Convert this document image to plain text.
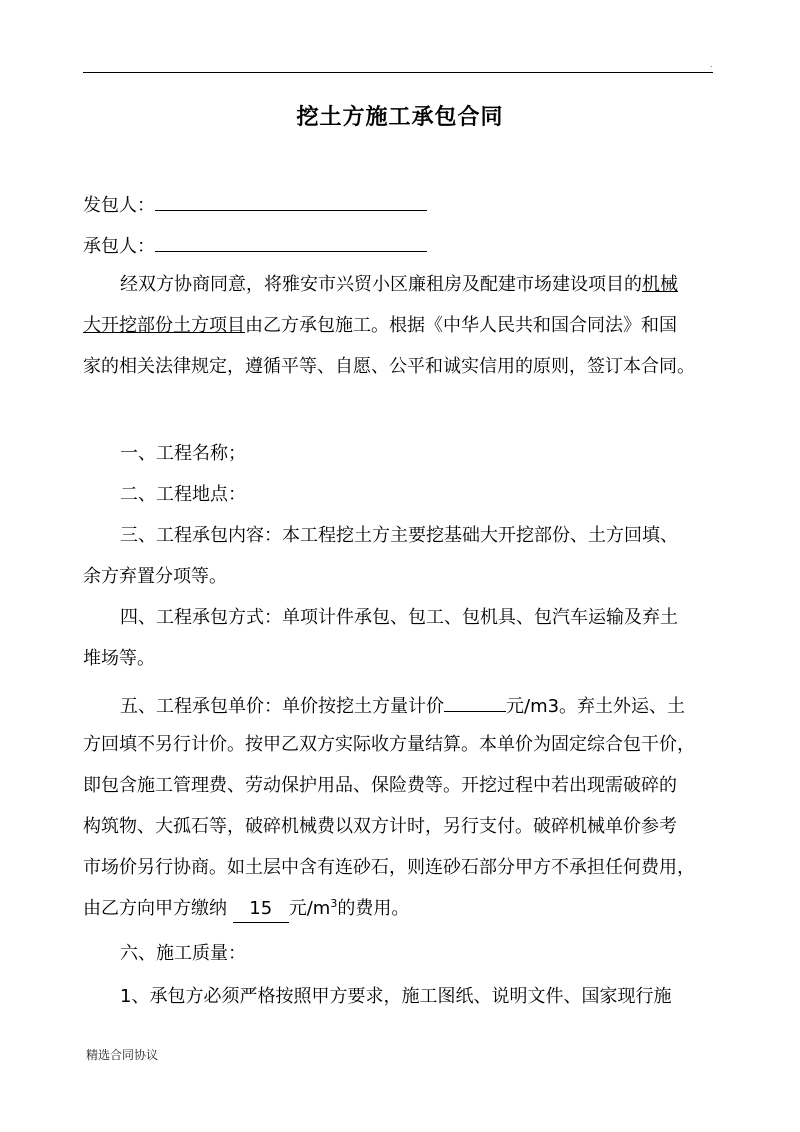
.
挖土方施工承包合同
发包人：
承包人：
经双方协商同意，将雅安市兴贸小区廉租房及配建市场建设项目的机械
大开挖部份土方项目由乙方承包施工。根据《中华人民共和国合同法》和国
家的相关法律规定，遵循平等、自愿、公平和诚实信用的原则，签订本合同。
一、工程名称；
二、工程地点：
三、工程承包内容：本工程挖土方主要挖基础大开挖部份、土方回填、
余方弃置分项等。
四、工程承包方式：单项计件承包、包工、包机具、包汽车运输及弃土
堆场等。
五、工程承包单价：单价按挖土方量计价	元/m3。弃土外运、土
方回填不另行计价。按甲乙双方实际收方量结算。本单价为固定综合包干价，
即包含施工管理费、劳动保护用品、保险费等。开挖过程中若出现需破碎的
构筑物、大孤石等，破碎机械费以双方计时，另行支付。破碎机械单价参考
市场价另行协商。如土层中含有连砂石，则连砂石部分甲方不承担任何费用，
由乙方向甲方缴纳 15 元$/m^3$的费用。
六、施工质量：
1、承包方必须严格按照甲方要求，施工图纸、说明文件、国家现行施
精选合同协议
